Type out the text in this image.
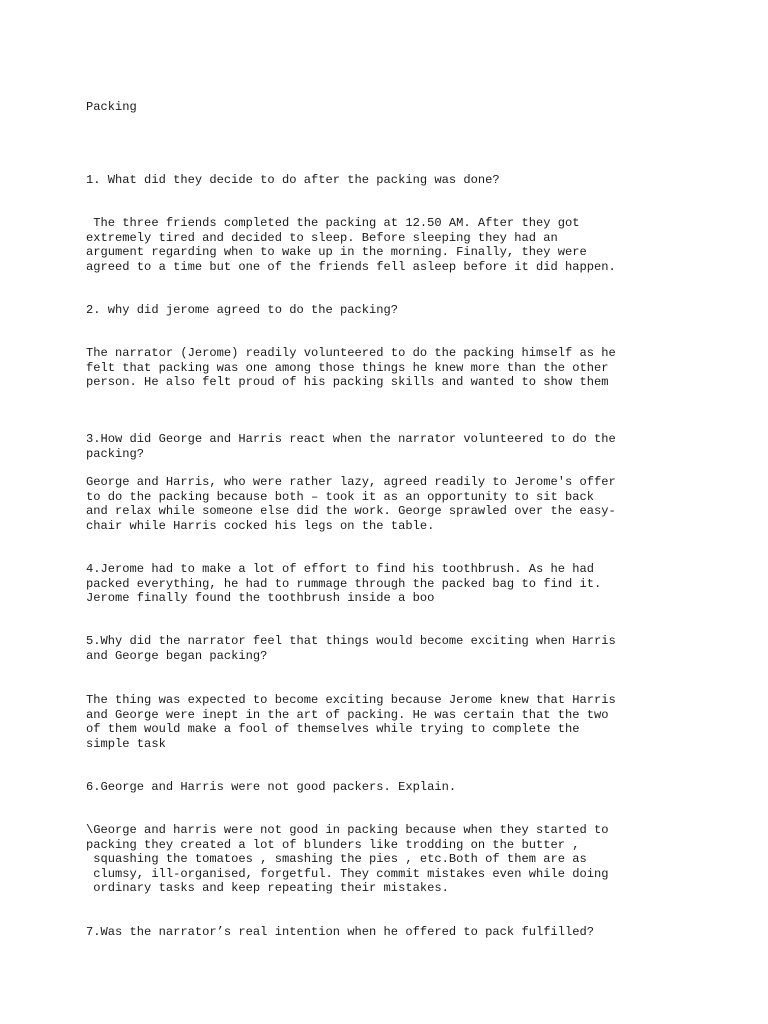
Packing

1. What did they decide to do after the packing was done?

The three friends completed the packing at 12.50 AM. After they got

extremely tired and decided to sleep. Before sleeping they had an

argument regarding when to wake up in the morning. Finally, they were

agreed to a time but one of the friends fell asleep before it did happen.

2. why did jerome agreed to do the packing?

The narrator (Jerome) readily volunteered to do the packing himself as he

felt that packing was one among those things he knew more than the other

person. He also felt proud of his packing skills and wanted to show them

3.How did George and Harris react when the narrator volunteered to do the

packing?

George and Harris, who were rather lazy, agreed readily to Jerome's offer

to do the packing because both – took it as an opportunity to sit back

and relax while someone else did the work. George sprawled over the easy-

chair while Harris cocked his legs on the table.

4.Jerome had to make a lot of effort to find his toothbrush. As he had

packed everything, he had to rummage through the packed bag to find it.

Jerome finally found the toothbrush inside a boo

5.Why did the narrator feel that things would become exciting when Harris

and George began packing?

The thing was expected to become exciting because Jerome knew that Harris

and George were inept in the art of packing. He was certain that the two

of them would make a fool of themselves while trying to complete the

simple task

6.George and Harris were not good packers. Explain.

\George and harris were not good in packing because when they started to

packing they created a lot of blunders like trodding on the butter ,

squashing the tomatoes , smashing the pies , etc.Both of them are as

clumsy, ill-organised, forgetful. They commit mistakes even while doing

ordinary tasks and keep repeating their mistakes.

7.Was the narrator’s real intention when he offered to pack fulfilled?
